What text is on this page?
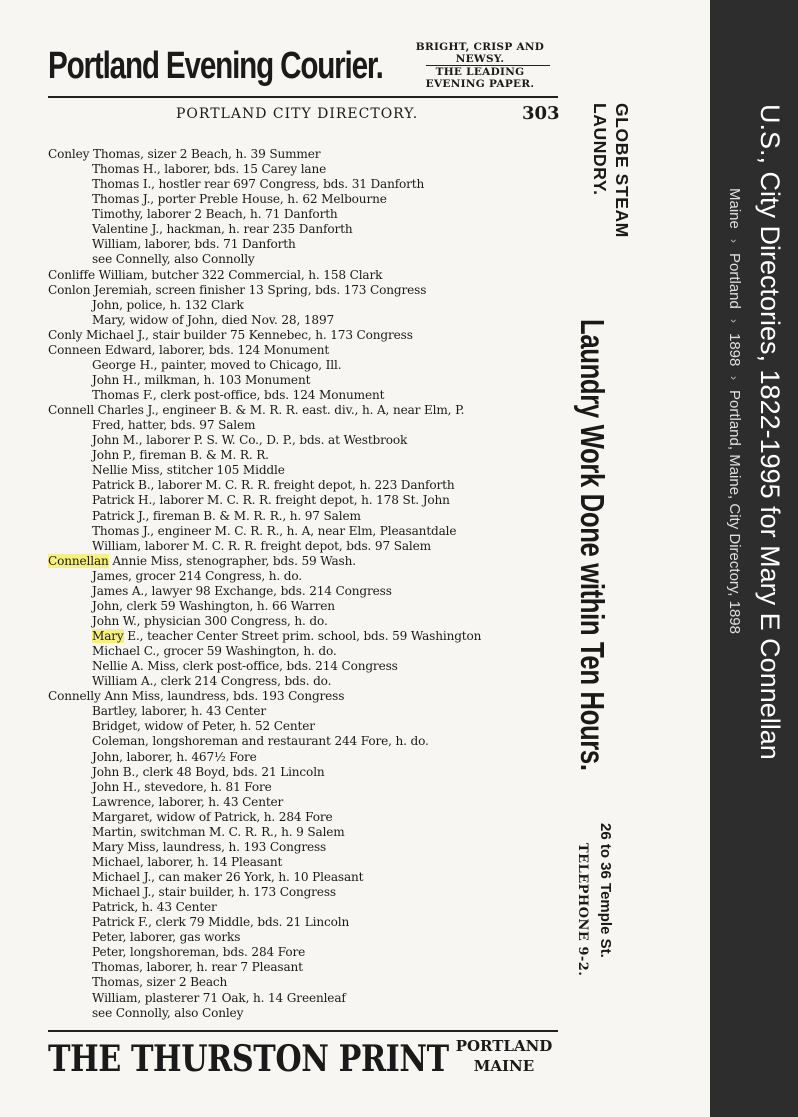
Portland Evening Courier.	BRIGHT, CRISP AND
NEWSY.
THE LEADING
EVENING PAPER.
PORTLAND CITY DIRECTORY.	303
Conley Thomas, sizer 2 Beach, h. 39 Summer
Thomas H., laborer, bds. 15 Carey lane
Thomas I., hostler rear 697 Congress, bds. 31 Danforth
Thomas J., porter Preble House, h. 62 Melbourne
Timothy, laborer 2 Beach, h. 71 Danforth
Valentine J., hackman, h. rear 235 Danforth
William, laborer, bds. 71 Danforth
see Connelly, also Connolly
Conliffe William, butcher 322 Commercial, h. 158 Clark
Conlon Jeremiah, screen finisher 13 Spring, bds. 173 Congress
John, police, h. 132 Clark
Mary, widow of John, died Nov. 28, 1897
Conly Michael J., stair builder 75 Kennebec, h. 173 Congress
Conneen Edward, laborer, bds. 124 Monument
George H., painter, moved to Chicago, Ill.
John H., milkman, h. 103 Monument
Thomas F., clerk post-office, bds. 124 Monument
Connell Charles J., engineer B. & M. R. R. east. div., h. A, near Elm, P.
Fred, hatter, bds. 97 Salem
John M., laborer P. S. W. Co., D. P., bds. at Westbrook
John P., fireman B. & M. R. R.
Nellie Miss, stitcher 105 Middle
Patrick B., laborer M. C. R. R. freight depot, h. 223 Danforth
Patrick H., laborer M. C. R. R. freight depot, h. 178 St. John
Patrick J., fireman B. & M. R. R., h. 97 Salem
Thomas J., engineer M. C. R. R., h. A, near Elm, Pleasantdale
William, laborer M. C. R. R. freight depot, bds. 97 Salem
Connellan Annie Miss, stenographer, bds. 59 Wash.
James, grocer 214 Congress, h. do.
James A., lawyer 98 Exchange, bds. 214 Congress
John, clerk 59 Washington, h. 66 Warren
John W., physician 300 Congress, h. do.
Mary E., teacher Center Street prim. school, bds. 59 Washington
Michael C., grocer 59 Washington, h. do.
Nellie A. Miss, clerk post-office, bds. 214 Congress
William A., clerk 214 Congress, bds. do.
Connelly Ann Miss, laundress, bds. 193 Congress
Bartley, laborer, h. 43 Center
Bridget, widow of Peter, h. 52 Center
Coleman, longshoreman and restaurant 244 Fore, h. do.
John, laborer, h. 467½ Fore
John B., clerk 48 Boyd, bds. 21 Lincoln
John H., stevedore, h. 81 Fore
Lawrence, laborer, h. 43 Center
Margaret, widow of Patrick, h. 284 Fore
Martin, switchman M. C. R. R., h. 9 Salem
Mary Miss, laundress, h. 193 Congress
Michael, laborer, h. 14 Pleasant
Michael J., can maker 26 York, h. 10 Pleasant
Michael J., stair builder, h. 173 Congress
Patrick, h. 43 Center
Patrick F., clerk 79 Middle, bds. 21 Lincoln
Peter, laborer, gas works
Peter, longshoreman, bds. 284 Fore
Thomas, laborer, h. rear 7 Pleasant
Thomas, sizer 2 Beach
William, plasterer 71 Oak, h. 14 Greenleaf
see Connolly, also Conley
GLOBE STEAM
LAUNDRY.
Laundry Work Done within Ten Hours.
26 to 36 Temple St.
TELEPHONE 9-2.
THE THURSTON PRINT PORTLAND
MAINE
U.S., City Directories, 1822-1995 for Mary E Connellan
Maine
›
Portland
›
1898
›
Portland, Maine, City Directory, 1898
